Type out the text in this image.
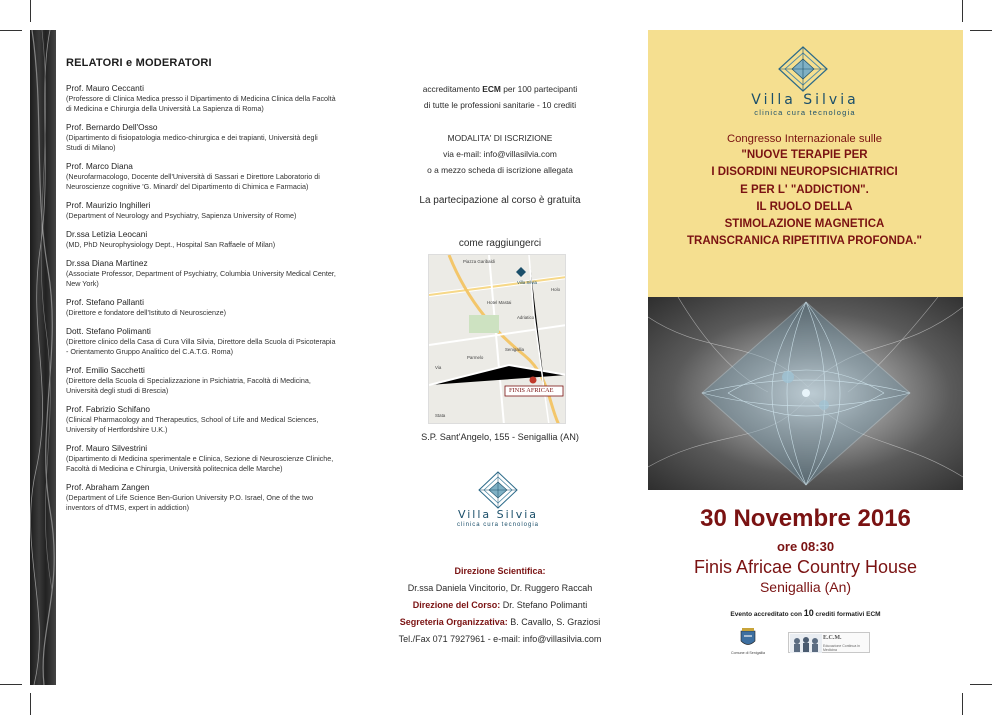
RELATORI e MODERATORI
Prof. Mauro Ceccanti
(Professore di Clinica Medica presso il Dipartimento di Medicina Clinica della Facoltà di Medicina e Chirurgia della Università La Sapienza di Roma)
Prof. Bernardo Dell'Osso
(Dipartimento di fisiopatologia medico-chirurgica e dei trapianti, Università degli Studi di Milano)
Prof. Marco Diana
(Neurofarmacologo, Docente dell'Università di Sassari e Direttore Laboratorio di Neuroscienze cognitive 'G. Minardi' del Dipartimento di Chimica e Farmacia)
Prof. Maurizio Inghilleri
(Department of Neurology and Psychiatry, Sapienza University of Rome)
Dr.ssa Letizia Leocani
(MD, PhD Neurophysiology Dept., Hospital San Raffaele of Milan)
Dr.ssa Diana Martinez
(Associate Professor, Department of Psychiatry, Columbia University Medical Center, New York)
Prof. Stefano Pallanti
(Direttore e fondatore dell'Istituto di Neuroscienze)
Dott. Stefano Polimanti
(Direttore clinico della Casa di Cura Villa Silvia, Direttore della Scuola di Psicoterapia - Orientamento Gruppo Analitico del C.A.T.G. Roma)
Prof. Emilio Sacchetti
(Direttore della Scuola di Specializzazione in Psichiatria, Facoltà di Medicina, Università degli studi di Brescia)
Prof. Fabrizio Schifano
(Clinical Pharmacology and Therapeutics, School of Life and Medical Sciences, University of Hertfordshire U.K.)
Prof. Mauro Silvestrini
(Dipartimento di Medicina sperimentale e Clinica, Sezione di Neuroscienze Cliniche, Facoltà di Medicina e Chirurgia, Università politecnica delle Marche)
Prof. Abraham Zangen
(Department of Life Science Ben-Gurion University P.O. Israel, One of the two inventors of dTMS, expert in addiction)
accreditamento ECM per 100 partecipanti
di tutte le professioni sanitarie - 10 crediti
MODALITA' DI ISCRIZIONE
via e-mail: info@villasilvia.com
o a mezzo scheda di iscrizione allegata
La partecipazione al corso è gratuita
come raggiungerci
Piazza Garibaldi
Villa Silvia
Hotel Mastai
Parmelo
Senigallia
FINIS AFRICAE
Via
Adriatico
Stata
Holo
S.P. Sant'Angelo, 155 - Senigallia (AN)
Villa Silvia
clinica cura tecnologia
Direzione Scientifica:
Dr.ssa Daniela Vincitorio, Dr. Ruggero Raccah
Direzione del Corso: Dr. Stefano Polimanti
Segreteria Organizzativa: B. Cavallo, S. Graziosi
Tel./Fax 071 7927961 - e-mail: info@villasilvia.com
Villa Silvia
clinica cura tecnologia
Congresso Internazionale sulle
"NUOVE TERAPIE PER
I DISORDINI NEUROPSICHIATRICI
E PER L' "ADDICTION".
IL RUOLO DELLA
STIMOLAZIONE MAGNETICA
TRANSCRANICA RIPETITIVA PROFONDA."
30 Novembre 2016
ore 08:30
Finis Africae Country House
Senigallia (An)
Evento accreditato con 10 crediti formativi ECM
Comune di Senigallia
E.C.M.
Educazione Continua in Medicina
